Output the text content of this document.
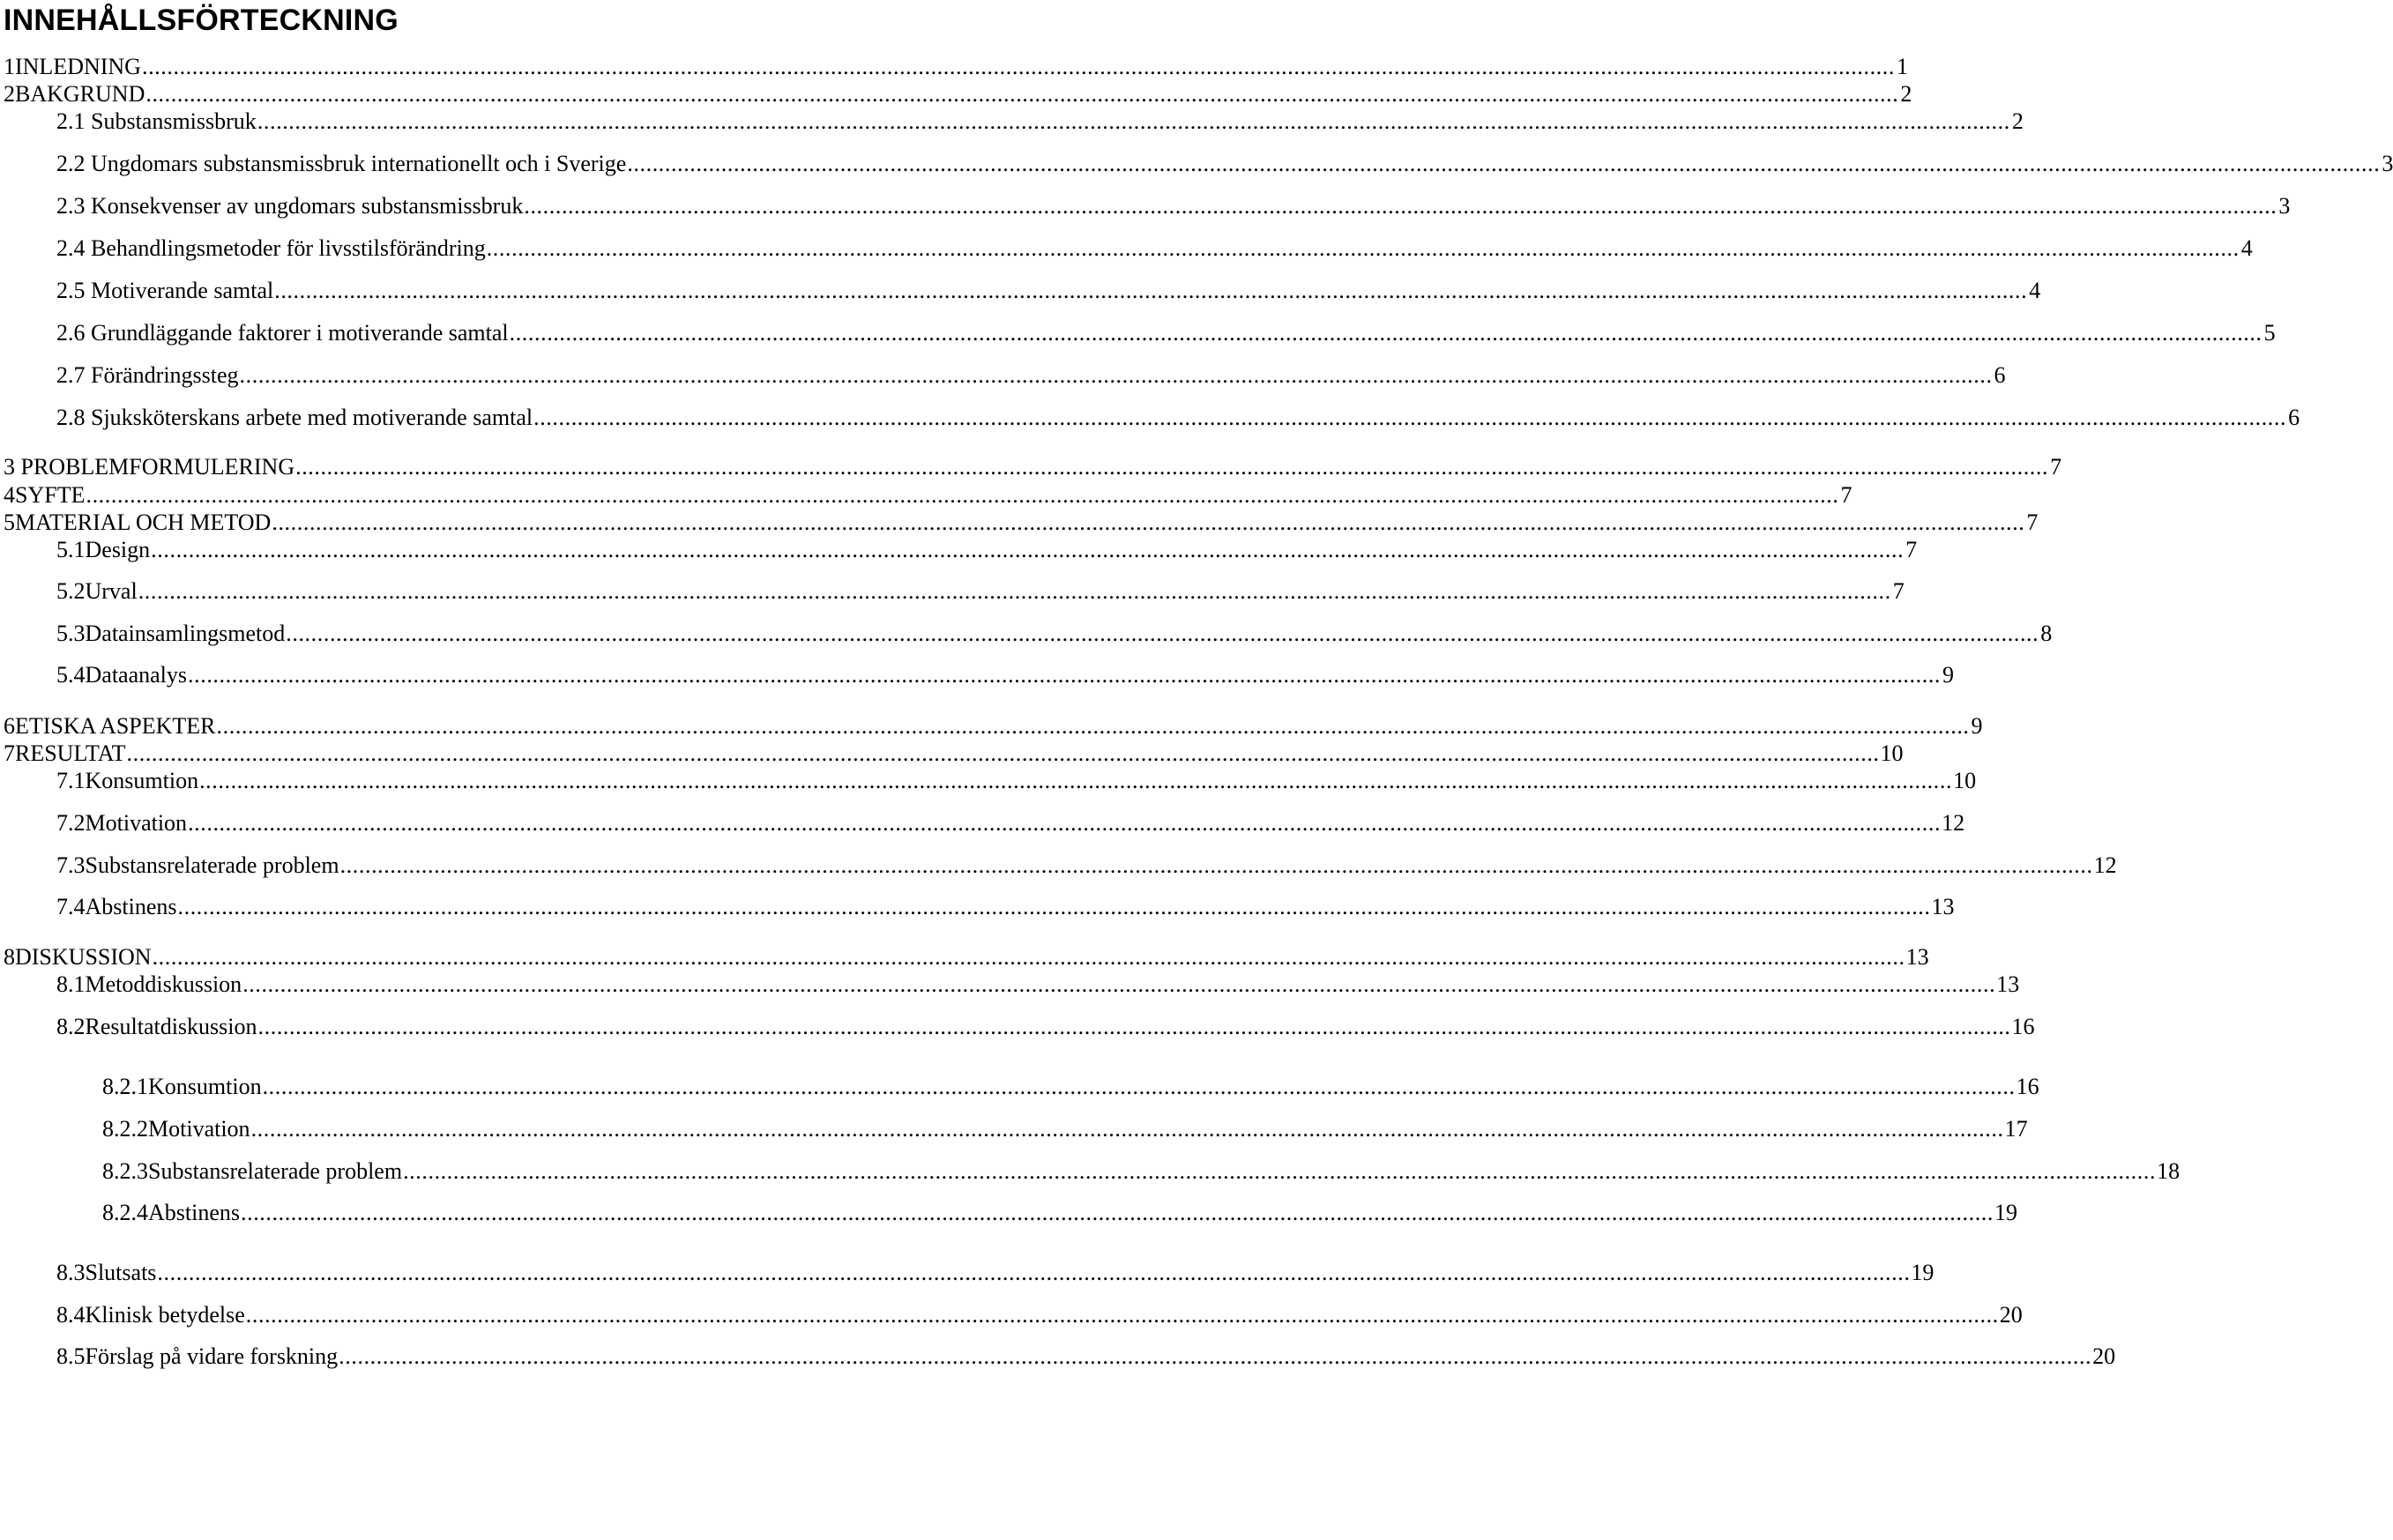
INNEHÅLLSFÖRTECKNING
1 INLEDNING .....	1
2 BAKGRUND .....	2
2.1 Substansmissbruk .....	2
2.2 Ungdomars substansmissbruk internationellt och i Sverige .....	3
2.3 Konsekvenser av ungdomars substansmissbruk .....	3
2.4 Behandlingsmetoder för livsstilsförändring .....	4
2.5 Motiverande samtal .....	4
2.6 Grundläggande faktorer i motiverande samtal .....	5
2.7 Förändringssteg .....	6
2.8 Sjuksköterskans arbete med motiverande samtal .....	6
3 PROBLEMFORMULERING .....	7
4 SYFTE .....	7
5 MATERIAL OCH METOD .....	7
5.1 Design .....	7
5.2 Urval .....	7
5.3 Datainsamlingsmetod .....	8
5.4 Dataanalys .....	9
6 ETISKA ASPEKTER .....	9
7 RESULTAT .....	10
7.1 Konsumtion .....	10
7.2 Motivation .....	12
7.3 Substansrelaterade problem .....	12
7.4 Abstinens .....	13
8 DISKUSSION .....	13
8.1 Metoddiskussion .....	13
8.2 Resultatdiskussion .....	16
8.2.1 Konsumtion .....	16
8.2.2 Motivation .....	17
8.2.3 Substansrelaterade problem .....	18
8.2.4 Abstinens .....	19
8.3 Slutsats .....	19
8.4 Klinisk betydelse .....	20
8.5 Förslag på vidare forskning .....	20
